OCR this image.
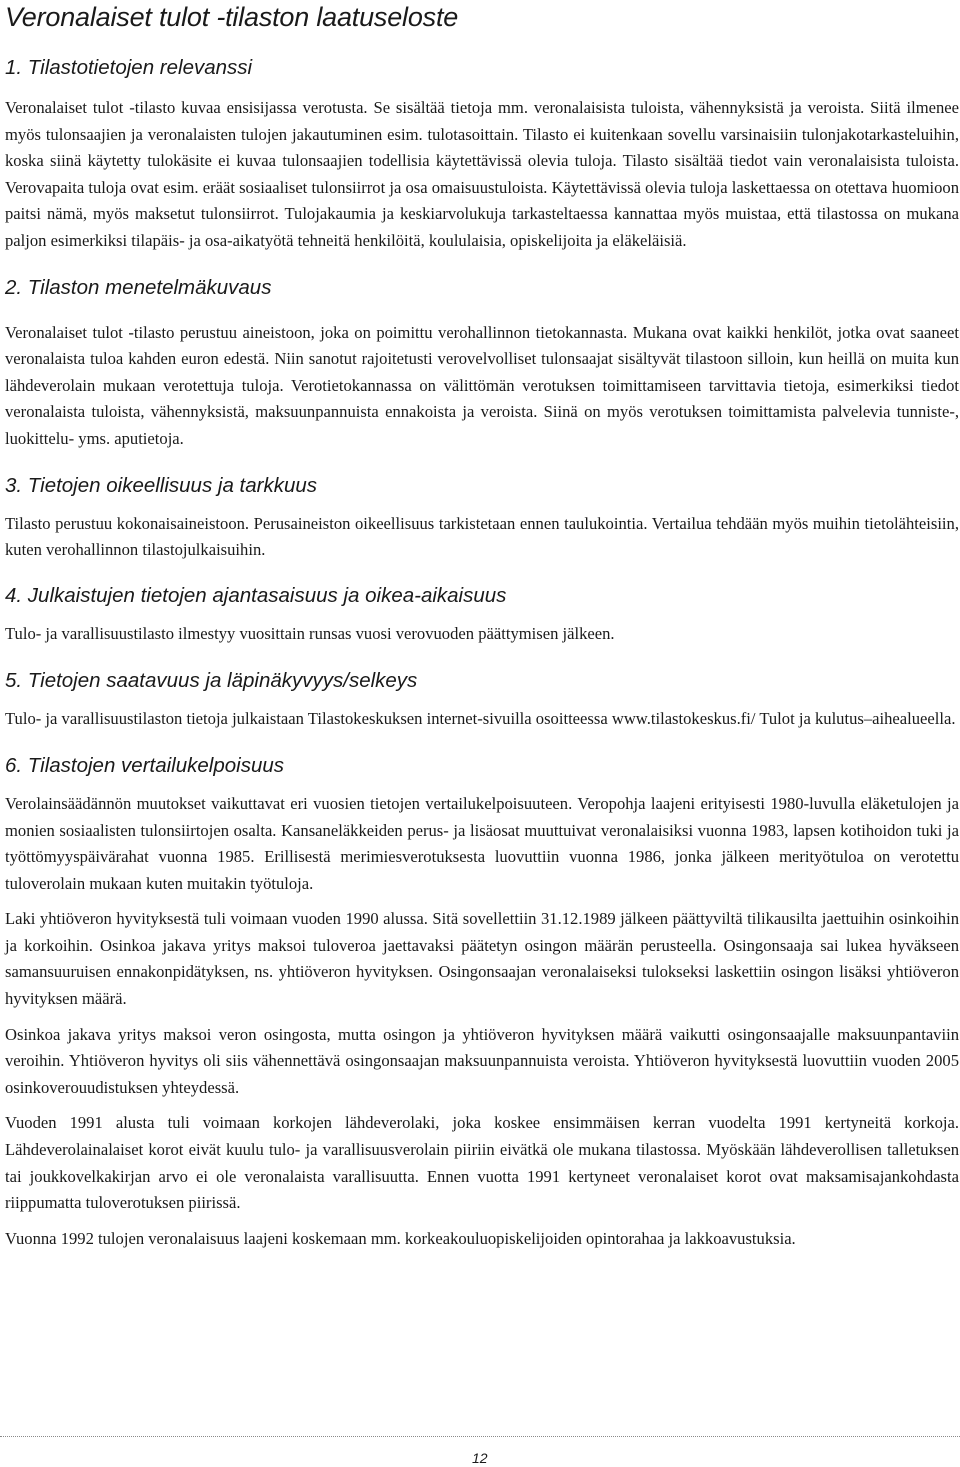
Veronalaiset tulot -tilaston laatuseloste
1. Tilastotietojen relevanssi

Veronalaiset tulot -tilasto kuvaa ensisijassa verotusta. Se sisältää tietoja mm. veronalaisista tuloista, vähennyksistä ja veroista. Siitä ilmenee myös tulonsaajien ja veronalaisten tulojen jakautuminen esim. tulotasoittain. Tilasto ei kuitenkaan sovellu varsinaisiin tulonjakotarkasteluihin, koska siinä käytetty tulokäsite ei kuvaa tulonsaajien todellisia käytettävissä olevia tuloja. Tilasto sisältää tiedot vain veronalaisista tuloista. Verovapaita tuloja ovat esim. eräät sosiaaliset tulonsiirrot ja osa omaisuustuloista. Käytettävissä olevia tuloja laskettaessa on otettava huomioon paitsi nämä, myös maksetut tulonsiirrot. Tulojakaumia ja keskiarvolukuja tarkasteltaessa kannattaa myös muistaa, että tilastossa on mukana paljon esimerkiksi tilapäis- ja osa-aikatyötä tehneitä henkilöitä, koululaisia, opiskelijoita ja eläkeläisiä.

2. Tilaston menetelmäkuvaus

Veronalaiset tulot -tilasto perustuu aineistoon, joka on poimittu verohallinnon tietokannasta. Mukana ovat kaikki henkilöt, jotka ovat saaneet veronalaista tuloa kahden euron edestä. Niin sanotut rajoitetusti verovelvolliset tulonsaajat sisältyvät tilastoon silloin, kun heillä on muita kun lähdeverolain mukaan verotettuja tuloja. Verotietokannassa on välittömän verotuksen toimittamiseen tarvittavia tietoja, esimerkiksi tiedot veronalaista tuloista, vähennyksistä, maksuunpannuista ennakoista ja veroista. Siinä on myös verotuksen toimittamista palvelevia tunniste-, luokittelu- yms. aputietoja.

3. Tietojen oikeellisuus ja tarkkuus

Tilasto perustuu kokonaisaineistoon. Perusaineiston oikeellisuus tarkistetaan ennen taulukointia. Vertailua tehdään myös muihin tietolähteisiin, kuten verohallinnon tilastojulkaisuihin.

4. Julkaistujen tietojen ajantasaisuus ja oikea-aikaisuus

Tulo- ja varallisuustilasto ilmestyy vuosittain runsas vuosi verovuoden päättymisen jälkeen.

5. Tietojen saatavuus ja läpinäkyvyys/selkeys

Tulo- ja varallisuustilaston tietoja julkaistaan Tilastokeskuksen internet-sivuilla osoitteessa www.tilastokeskus.fi/ Tulot ja kulutus–aihealueella.

6. Tilastojen vertailukelpoisuus

Verolainsäädännön muutokset vaikuttavat eri vuosien tietojen vertailukelpoisuuteen. Veropohja laajeni erityisesti 1980-luvulla eläketulojen ja monien sosiaalisten tulonsiirtojen osalta. Kansaneläkkeiden perus- ja lisäosat muuttuivat veronalaisiksi vuonna 1983, lapsen kotihoidon tuki ja työttömyyspäivärahat vuonna 1985. Erillisestä merimiesverotuksesta luovuttiin vuonna 1986, jonka jälkeen merityötuloa on verotettu tuloverolain mukaan kuten muitakin työtuloja.

Laki yhtiöveron hyvityksestä tuli voimaan vuoden 1990 alussa. Sitä sovellettiin 31.12.1989 jälkeen päättyviltä tilikausilta jaettuihin osinkoihin ja korkoihin. Osinkoa jakava yritys maksoi tuloveroa jaettavaksi päätetyn osingon määrän perusteella. Osingonsaaja sai lukea hyväkseen samansuuruisen ennakonpidätyksen, ns. yhtiöveron hyvityksen. Osingonsaajan veronalaiseksi tulokseksi laskettiin osingon lisäksi yhtiöveron hyvityksen määrä.

Osinkoa jakava yritys maksoi veron osingosta, mutta osingon ja yhtiöveron hyvityksen määrä vaikutti osingonsaajalle maksuunpantaviin veroihin. Yhtiöveron hyvitys oli siis vähennettävä osingonsaajan maksuunpannuista veroista. Yhtiöveron hyvityksestä luovuttiin vuoden 2005 osinkoverouudistuksen yhteydessä.

Vuoden 1991 alusta tuli voimaan korkojen lähdeverolaki, joka koskee ensimmäisen kerran vuodelta 1991 kertyneitä korkoja. Lähdeverolainalaiset korot eivät kuulu tulo- ja varallisuusverolain piiriin eivätkä ole mukana tilastossa. Myöskään lähdeverollisen talletuksen tai joukkovelkakirjan arvo ei ole veronalaista varallisuutta. Ennen vuotta 1991 kertyneet veronalaiset korot ovat maksamisajankohdasta riippumatta tuloverotuksen piirissä.

Vuonna 1992 tulojen veronalaisuus laajeni koskemaan mm. korkeakouluopiskelijoiden opintorahaa ja lakkoavustuksia.

12
